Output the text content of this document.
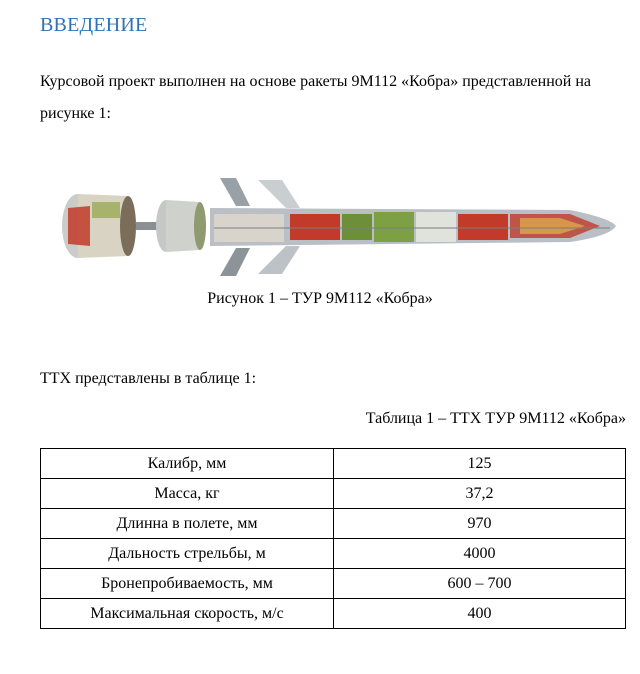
ВВЕДЕНИЕ
Курсовой проект выполнен на основе ракеты 9М112 «Кобра» представленной на рисунке 1:
Рисунок 1 – ТУР 9М112 «Кобра»
ТТХ представлены в таблице 1:
Таблица 1 – ТТХ ТУР 9М112 «Кобра»
Калибр, мм	125
Масса, кг	37,2
Длинна в полете, мм	970
Дальность стрельбы, м	4000
Бронепробиваемость, мм	600 – 700
Максимальная скорость, м/с	400
